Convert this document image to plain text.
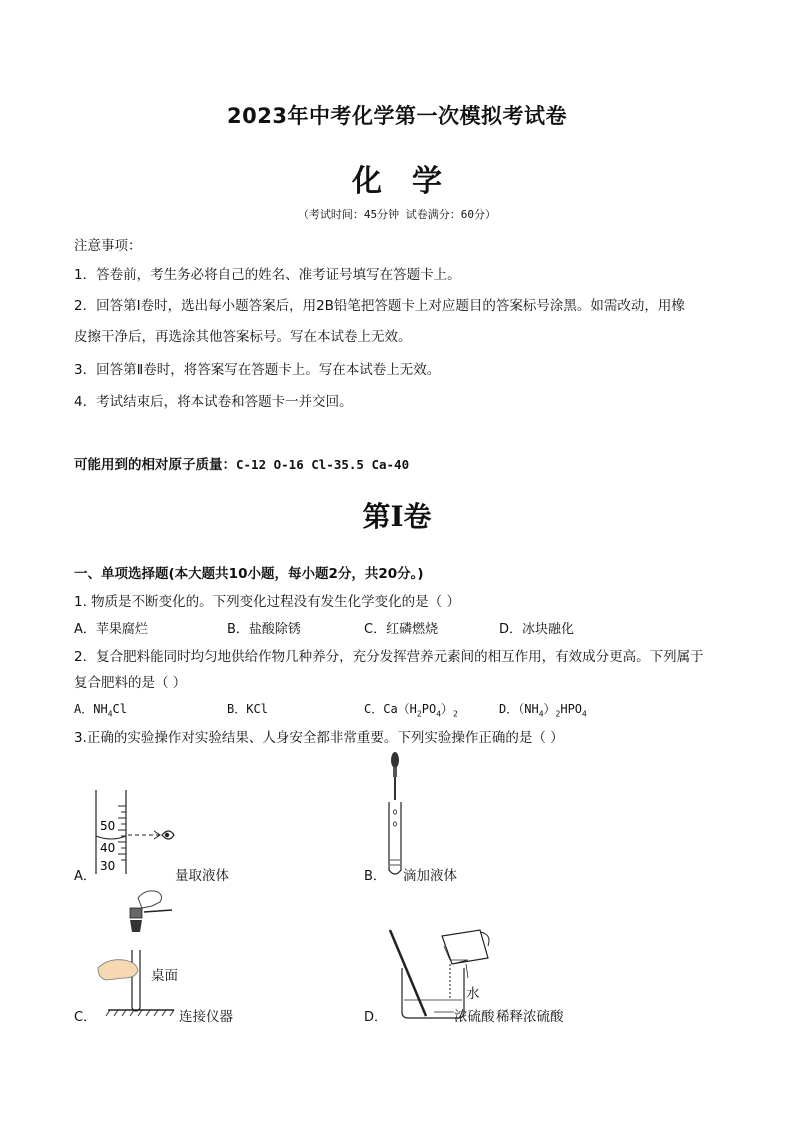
2023年中考化学第一次模拟考试卷
化学
（考试时间：45分钟 试卷满分：60分）
注意事项：
1．答卷前，考生务必将自己的姓名、准考证号填写在答题卡上。
2．回答第Ⅰ卷时，选出每小题答案后，用2B铅笔把答题卡上对应题目的答案标号涂黑。如需改动，用橡
皮擦干净后，再选涂其他答案标号。写在本试卷上无效。
3．回答第Ⅱ卷时，将答案写在答题卡上。写在本试卷上无效。
4．考试结束后，将本试卷和答题卡一并交回。
可能用到的相对原子质量：C-12 O-16 Cl-35.5 Ca-40
第Ⅰ卷
一、单项选择题(本大题共10小题，每小题2分，共20分。)
1. 物质是不断变化的。下列变化过程没有发生化学变化的是（ ）
A．苹果腐烂	B．盐酸除锈	C．红磷燃烧	D．冰块融化
2．复合肥料能同时均匀地供给作物几种养分，充分发挥营养元素间的相互作用，有效成分更高。下列属于
复合肥料的是（ ）
A．$NH_4Cl$	B．KCl	C．$Ca(H_2PO_4)_2$	D．$(NH_4)_2HPO_4$
3.正确的实验操作对实验结果、人身安全都非常重要。下列实验操作正确的是（ ）
50
40
30
A．	量取液体	B． 滴加液体
桌面
C．	连接仪器
水
D．	浓硫酸 稀释浓硫酸
